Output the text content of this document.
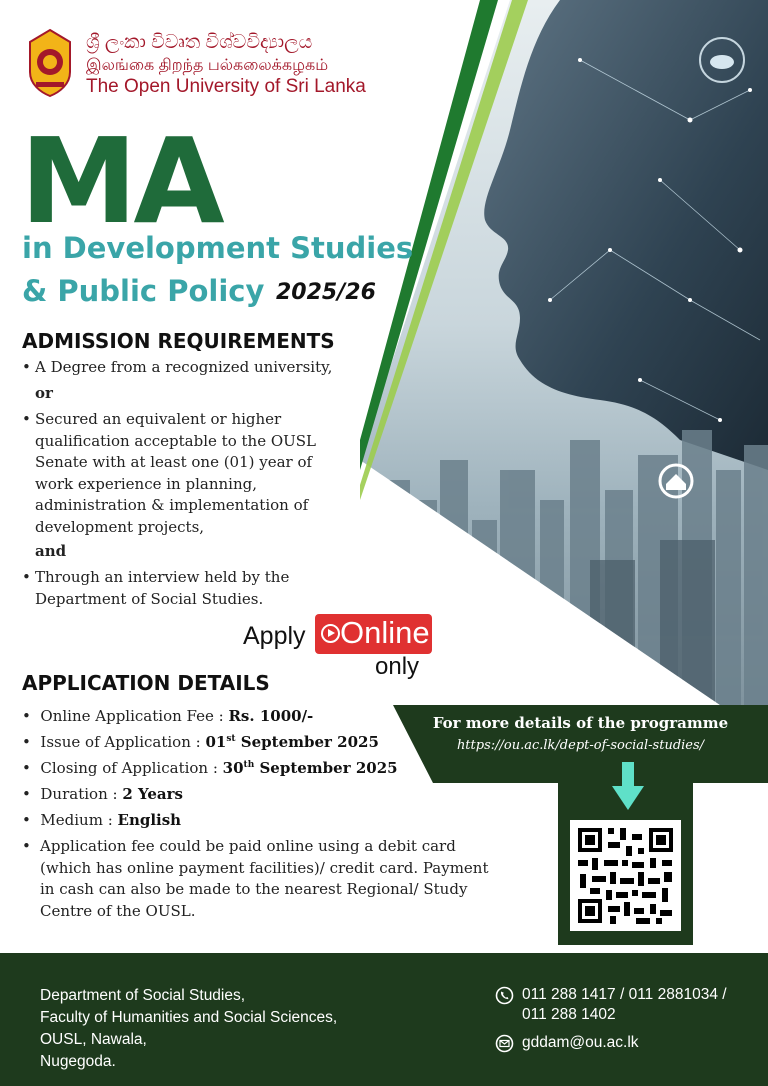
ශ්‍රී ලංකා විවෘත විශ්වවිද්‍යාලය
இலங்கை திறந்த பல்கலைக்கழகம்
The Open University of Sri Lanka
MA
in Development Studies
& Public Policy 2025/26
ADMISSION REQUIREMENTS
• A Degree from a recognized university,
or
• Secured an equivalent or higher
qualification acceptable to the OUSL
Senate with at least one (01) year of
work experience in planning,
administration & implementation of
development projects,
and
• Through an interview held by the
Department of Social Studies.
Apply Online
only
APPLICATION DETAILS
• Online Application Fee : Rs. 1000/-
• Issue of Application : 01st September 2025
• Closing of Application : 30th September 2025
• Duration : 2 Years
• Medium : English
• Application fee could be paid online using a debit card
(which has online payment facilities)/ credit card. Payment
in cash can also be made to the nearest Regional/ Study
Centre of the OUSL.
For more details of the programme
https://ou.ac.lk/dept-of-social-studies/
Department of Social Studies,
Faculty of Humanities and Social Sciences,
OUSL, Nawala,
Nugegoda.
011 288 1417 / 011 2881034 /
011 288 1402
gddam@ou.ac.lk
